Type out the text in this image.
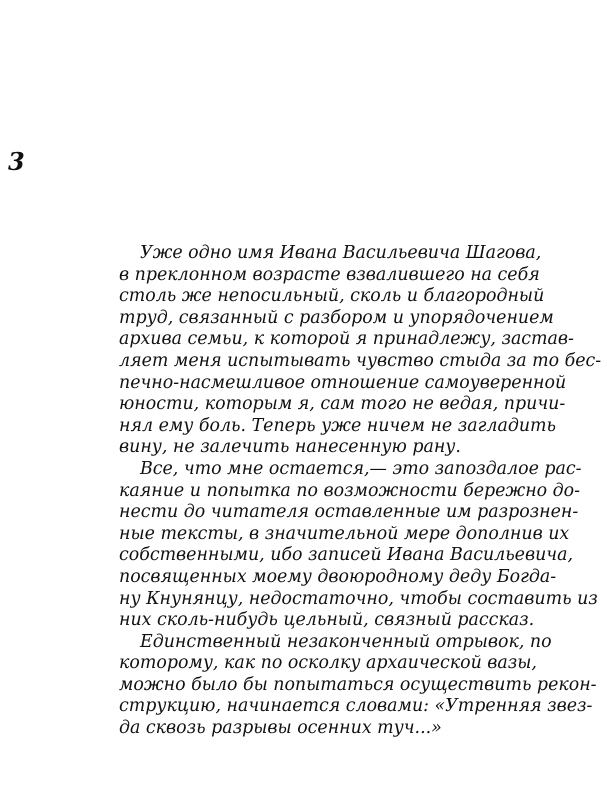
3
Уже одно имя Ивана Васильевича Шагова,
в преклонном возрасте взвалившего на себя
столь же непосильный, сколь и благородный
труд, связанный с разбором и упорядочением
архива семьи, к которой я принадлежу, застав-
ляет меня испытывать чувство стыда за то бес-
печно-насмешливое отношение самоуверенной
юности, которым я, сам того не ведая, причи-
нял ему боль. Теперь уже ничем не загладить
вину, не залечить нанесенную рану.
Все, что мне остается,— это запоздалое рас-
каяние и попытка по возможности бережно до-
нести до читателя оставленные им разрознен-
ные тексты, в значительной мере дополнив их
собственными, ибо записей Ивана Васильевича,
посвященных моему двоюродному деду Богда-
ну Кнунянцу, недостаточно, чтобы составить из
них сколь-нибудь цельный, связный рассказ.
Единственный незаконченный отрывок, по
которому, как по осколку архаической вазы,
можно было бы попытаться осуществить рекон-
струкцию, начинается словами: «Утренняя звез-
да сквозь разрывы осенних туч...»
